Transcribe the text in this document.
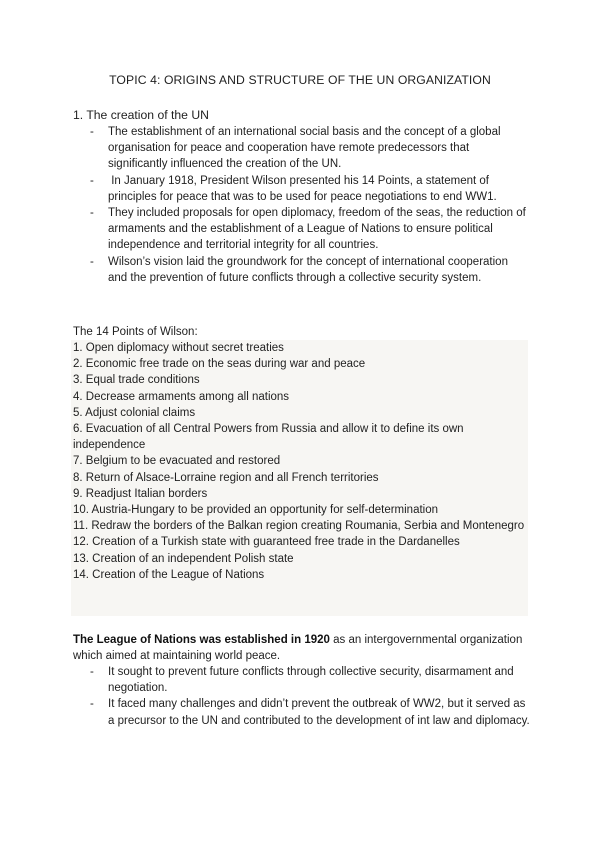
TOPIC 4: ORIGINS AND STRUCTURE OF THE UN ORGANIZATION
1. The creation of the UN
- The establishment of an international social basis and the concept of a global organisation for peace and cooperation have remote predecessors that significantly influenced the creation of the UN.
- In January 1918, President Wilson presented his 14 Points, a statement of principles for peace that was to be used for peace negotiations to end WW1.
- They included proposals for open diplomacy, freedom of the seas, the reduction of armaments and the establishment of a League of Nations to ensure political independence and territorial integrity for all countries.
- Wilson’s vision laid the groundwork for the concept of international cooperation and the prevention of future conflicts through a collective security system.
The 14 Points of Wilson:
1. Open diplomacy without secret treaties
2. Economic free trade on the seas during war and peace
3. Equal trade conditions
4. Decrease armaments among all nations
5. Adjust colonial claims
6. Evacuation of all Central Powers from Russia and allow it to define its own independence
7. Belgium to be evacuated and restored
8. Return of Alsace-Lorraine region and all French territories
9. Readjust Italian borders
10. Austria-Hungary to be provided an opportunity for self-determination
11. Redraw the borders of the Balkan region creating Roumania, Serbia and Montenegro
12. Creation of a Turkish state with guaranteed free trade in the Dardanelles
13. Creation of an independent Polish state
14. Creation of the League of Nations
The League of Nations was established in 1920 as an intergovernmental organization which aimed at maintaining world peace.
- It sought to prevent future conflicts through collective security, disarmament and negotiation.
- It faced many challenges and didn’t prevent the outbreak of WW2, but it served as a precursor to the UN and contributed to the development of int law and diplomacy.
